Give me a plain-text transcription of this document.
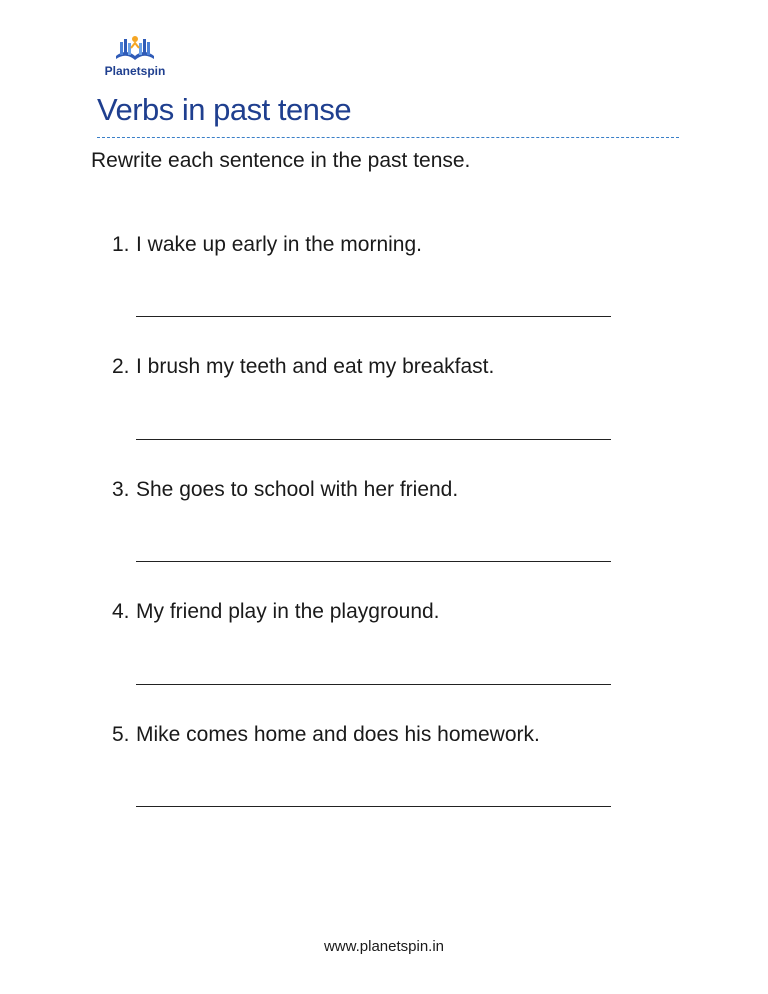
Planetspin
Verbs in past tense
Rewrite each sentence in the past tense.
1. I wake up early in the morning.
2. I brush my teeth and eat my breakfast.
3. She goes to school with her friend.
4. My friend play in the playground.
5. Mike comes home and does his homework.
www.planetspin.in
